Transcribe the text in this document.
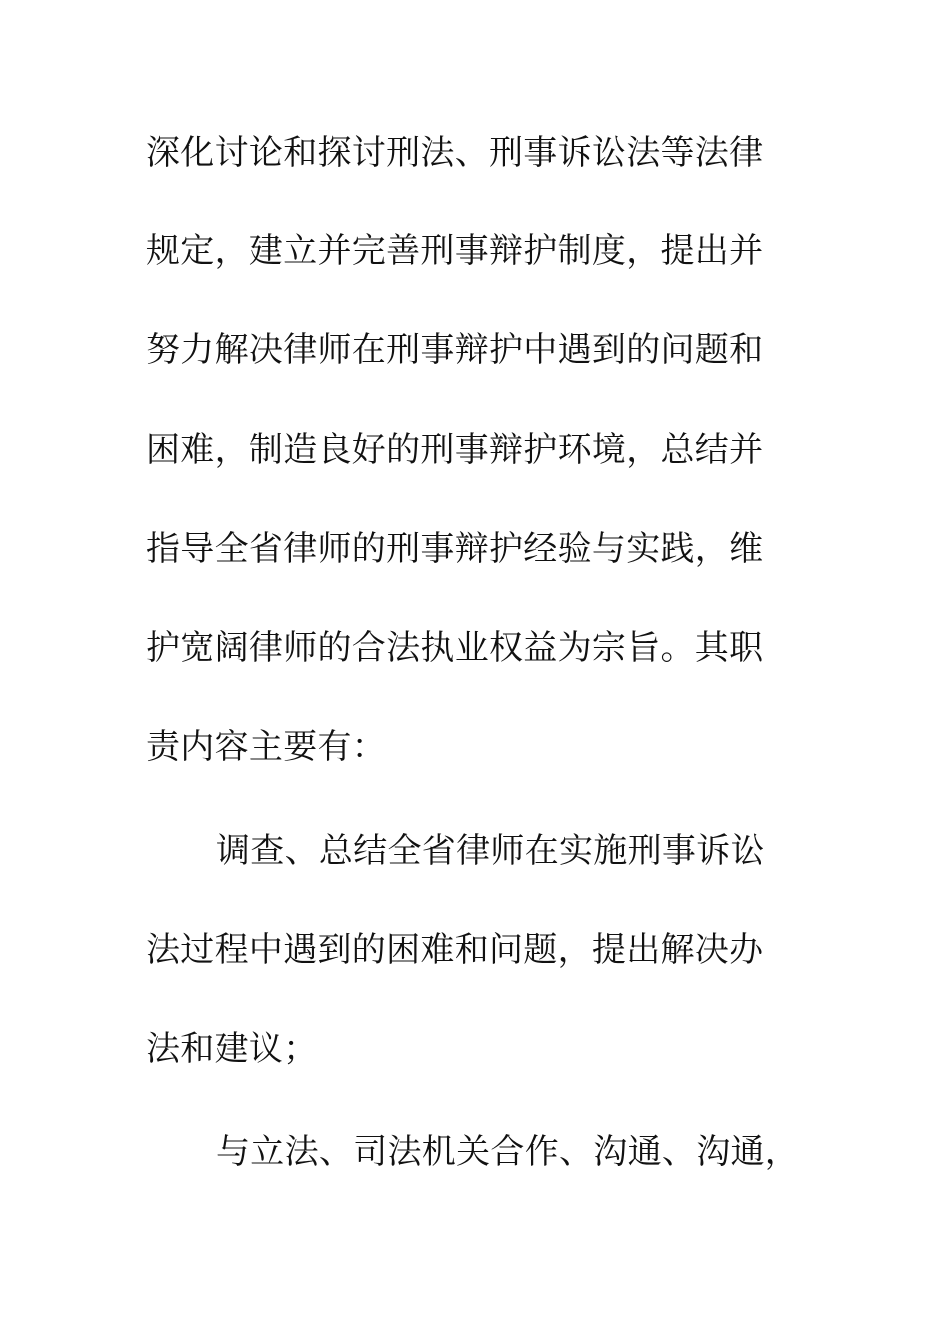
深化讨论和探讨刑法、刑事诉讼法等法律
规定，建立并完善刑事辩护制度，提出并
努力解决律师在刑事辩护中遇到的问题和
困难，制造良好的刑事辩护环境，总结并
指导全省律师的刑事辩护经验与实践，维
护宽阔律师的合法执业权益为宗旨。其职
责内容主要有：
调查、总结全省律师在实施刑事诉讼
法过程中遇到的困难和问题，提出解决办
法和建议；
与立法、司法机关合作、沟通、沟通，
